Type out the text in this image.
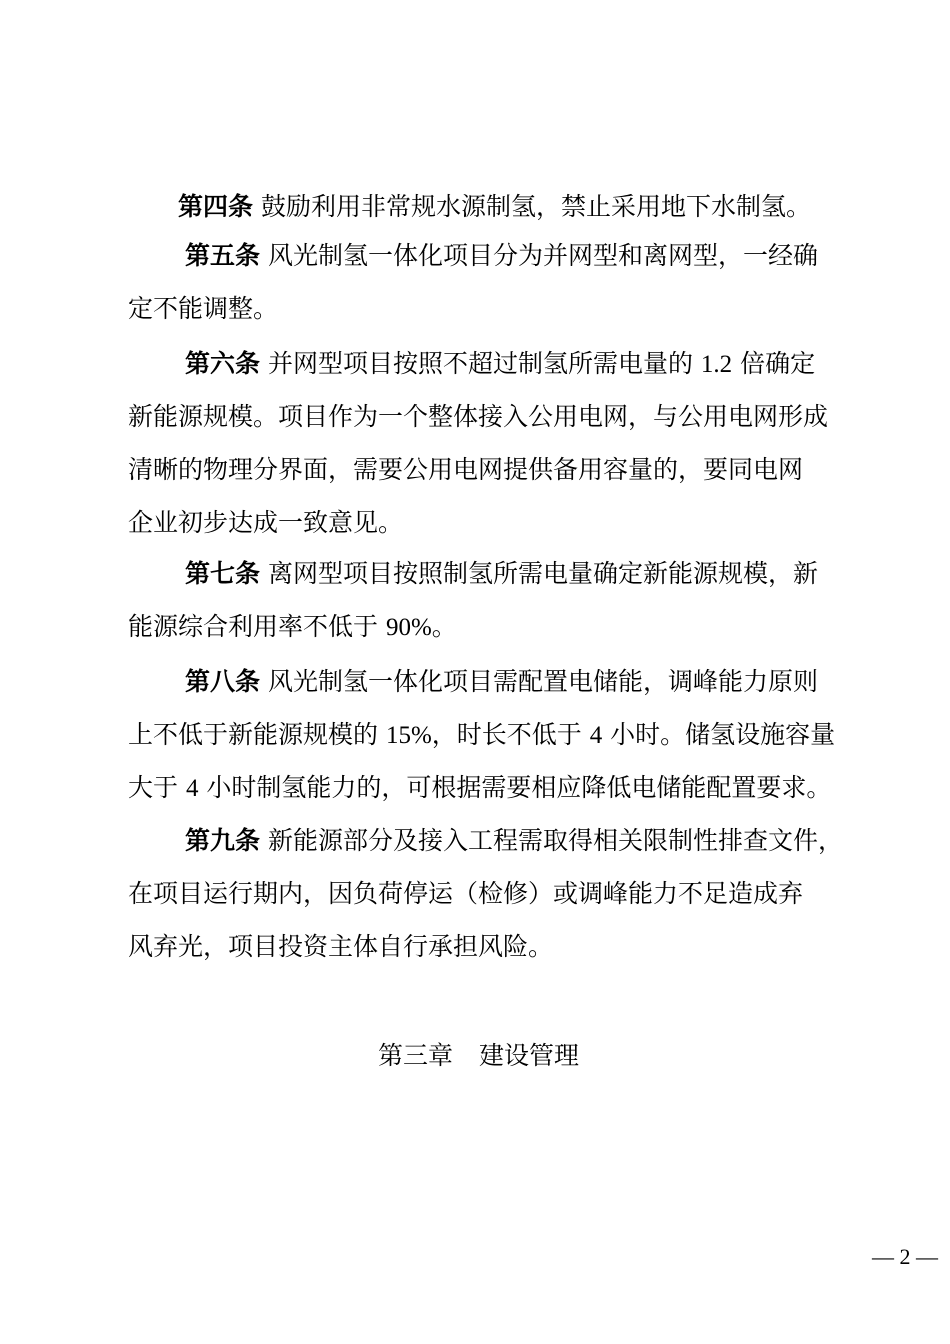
第四条 鼓励利用非常规水源制氢，禁止采用地下水制氢。
第五条 风光制氢一体化项目分为并网型和离网型，一经确
定不能调整。
第六条 并网型项目按照不超过制氢所需电量的 1.2 倍确定
新能源规模。项目作为一个整体接入公用电网，与公用电网形成
清晰的物理分界面，需要公用电网提供备用容量的，要同电网
企业初步达成一致意见。
第七条 离网型项目按照制氢所需电量确定新能源规模，新
能源综合利用率不低于 90%。
第八条 风光制氢一体化项目需配置电储能，调峰能力原则
上不低于新能源规模的 15%，时长不低于 4 小时。储氢设施容量
大于 4 小时制氢能力的，可根据需要相应降低电储能配置要求。
第九条 新能源部分及接入工程需取得相关限制性排查文件，
在项目运行期内，因负荷停运（检修）或调峰能力不足造成弃
风弃光，项目投资主体自行承担风险。
第三章 建设管理
— 2 —
